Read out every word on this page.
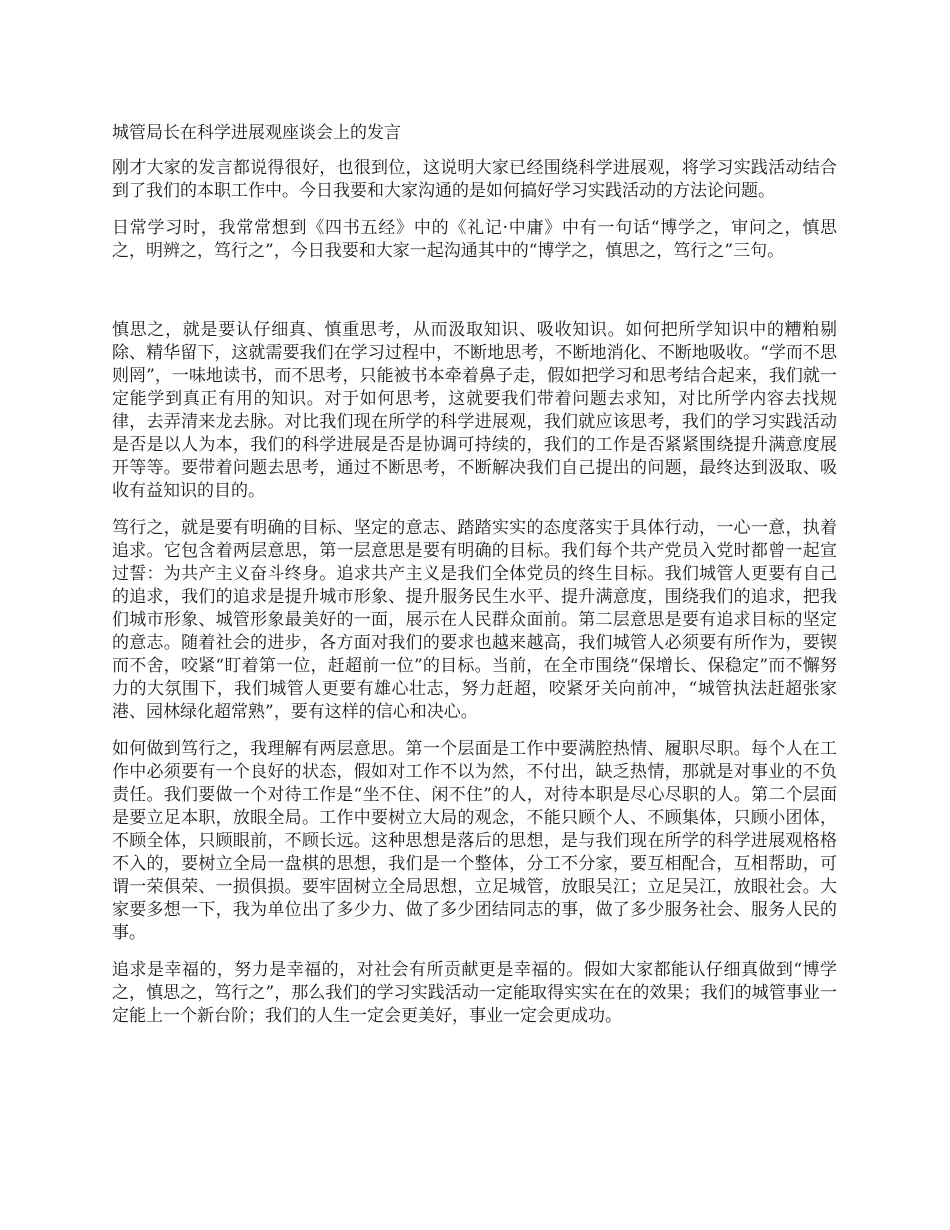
城管局长在科学进展观座谈会上的发言

刚才大家的发言都说得很好，也很到位，这说明大家已经围绕科学进展观，将学习实践活动结合到了我们的本职工作中。今日我要和大家沟通的是如何搞好学习实践活动的方法论问题。

日常学习时，我常常想到《四书五经》中的《礼记·中庸》中有一句话“博学之，审问之，慎思之，明辨之，笃行之”，今日我要和大家一起沟通其中的“博学之，慎思之，笃行之”三句。

慎思之，就是要认仔细真、慎重思考，从而汲取知识、吸收知识。如何把所学知识中的糟粕剔除、精华留下，这就需要我们在学习过程中，不断地思考，不断地消化、不断地吸收。“学而不思则罔”，一味地读书，而不思考，只能被书本牵着鼻子走，假如把学习和思考结合起来，我们就一定能学到真正有用的知识。对于如何思考，这就要我们带着问题去求知，对比所学内容去找规律，去弄清来龙去脉。对比我们现在所学的科学进展观，我们就应该思考，我们的学习实践活动是否是以人为本，我们的科学进展是否是协调可持续的，我们的工作是否紧紧围绕提升满意度展开等等。要带着问题去思考，通过不断思考，不断解决我们自己提出的问题，最终达到汲取、吸收有益知识的目的。

笃行之，就是要有明确的目标、坚定的意志、踏踏实实的态度落实于具体行动，一心一意，执着追求。它包含着两层意思，第一层意思是要有明确的目标。我们每个共产党员入党时都曾一起宣过誓：为共产主义奋斗终身。追求共产主义是我们全体党员的终生目标。我们城管人更要有自己的追求，我们的追求是提升城市形象、提升服务民生水平、提升满意度，围绕我们的追求，把我们城市形象、城管形象最美好的一面，展示在人民群众面前。第二层意思是要有追求目标的坚定的意志。随着社会的进步，各方面对我们的要求也越来越高，我们城管人必须要有所作为，要锲而不舍，咬紧“盯着第一位，赶超前一位”的目标。当前，在全市围绕“保增长、保稳定”而不懈努力的大氛围下，我们城管人更要有雄心壮志，努力赶超，咬紧牙关向前冲，“城管执法赶超张家港、园林绿化超常熟”，要有这样的信心和决心。

如何做到笃行之，我理解有两层意思。第一个层面是工作中要满腔热情、履职尽职。每个人在工作中必须要有一个良好的状态，假如对工作不以为然，不付出，缺乏热情，那就是对事业的不负责任。我们要做一个对待工作是“坐不住、闲不住”的人，对待本职是尽心尽职的人。第二个层面是要立足本职，放眼全局。工作中要树立大局的观念，不能只顾个人、不顾集体，只顾小团体，不顾全体，只顾眼前，不顾长远。这种思想是落后的思想，是与我们现在所学的科学进展观格格不入的，要树立全局一盘棋的思想，我们是一个整体，分工不分家，要互相配合，互相帮助，可谓一荣俱荣、一损俱损。要牢固树立全局思想，立足城管，放眼吴江；立足吴江，放眼社会。大家要多想一下，我为单位出了多少力、做了多少团结同志的事，做了多少服务社会、服务人民的事。

追求是幸福的，努力是幸福的，对社会有所贡献更是幸福的。假如大家都能认仔细真做到“博学之，慎思之，笃行之”，那么我们的学习实践活动一定能取得实实在在的效果；我们的城管事业一定能上一个新台阶；我们的人生一定会更美好，事业一定会更成功。
